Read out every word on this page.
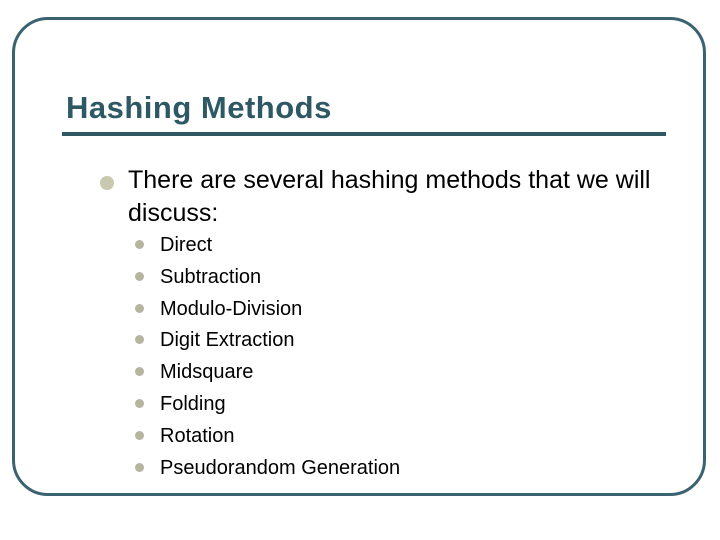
Hashing Methods

There are several hashing methods that we will discuss:

Direct
Subtraction
Modulo-Division
Digit Extraction
Midsquare
Folding
Rotation
Pseudorandom Generation
